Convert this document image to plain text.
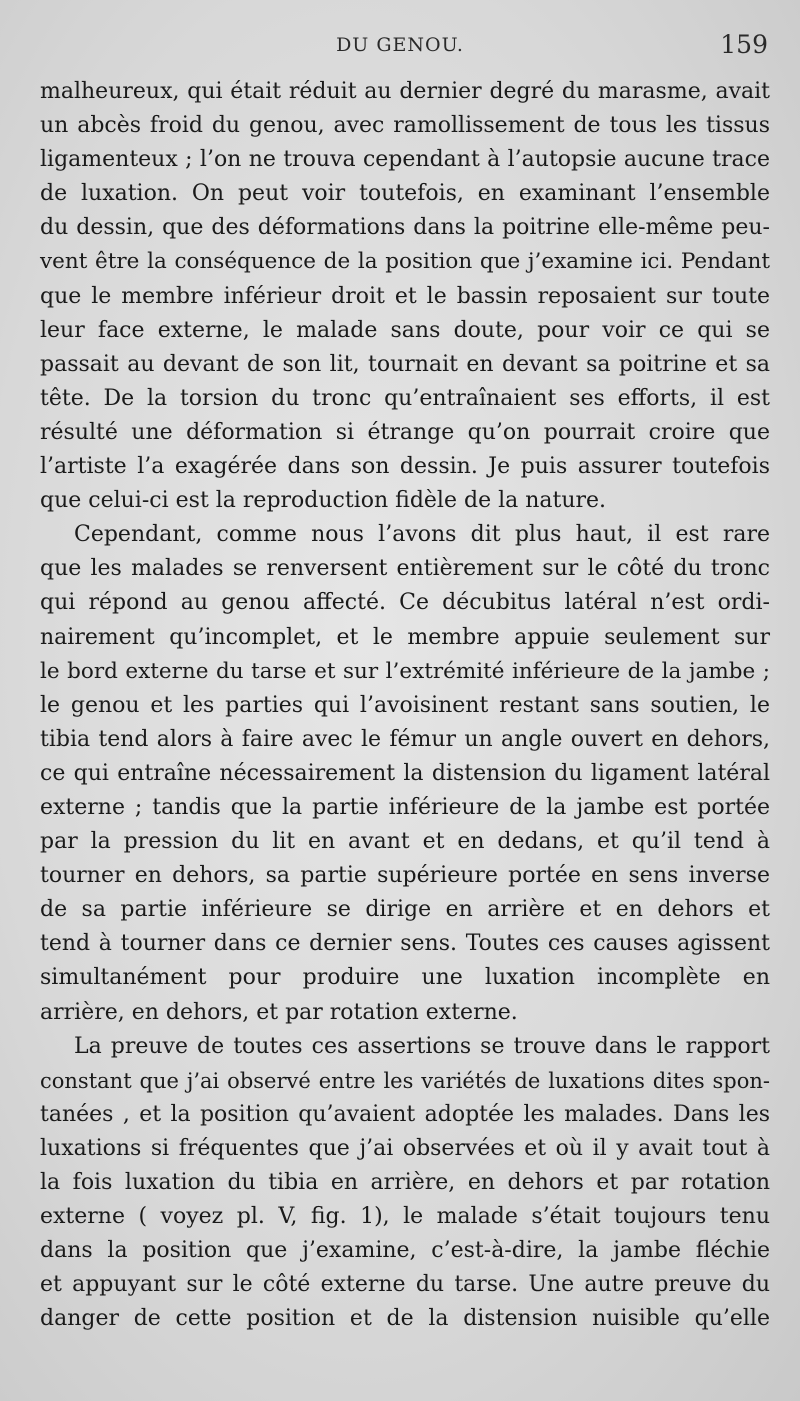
DU GENOU.	159
malheureux, qui était réduit au dernier degré du marasme, avait
un abcès froid du genou, avec ramollissement de tous les tissus
ligamenteux ; l’on ne trouva cependant à l’autopsie aucune trace
de luxation. On peut voir toutefois, en examinant l’ensemble
du dessin, que des déformations dans la poitrine elle-même peu-
vent être la conséquence de la position que j’examine ici. Pendant
que le membre inférieur droit et le bassin reposaient sur toute
leur face externe, le malade sans doute, pour voir ce qui se
passait au devant de son lit, tournait en devant sa poitrine et sa
tête. De la torsion du tronc qu’entraînaient ses efforts, il est
résulté une déformation si étrange qu’on pourrait croire que
l’artiste l’a exagérée dans son dessin. Je puis assurer toutefois
que celui-ci est la reproduction fidèle de la nature.
Cependant, comme nous l’avons dit plus haut, il est rare
que les malades se renversent entièrement sur le côté du tronc
qui répond au genou affecté. Ce décubitus latéral n’est ordi-
nairement qu’incomplet, et le membre appuie seulement sur
le bord externe du tarse et sur l’extrémité inférieure de la jambe ;
le genou et les parties qui l’avoisinent restant sans soutien, le
tibia tend alors à faire avec le fémur un angle ouvert en dehors,
ce qui entraîne nécessairement la distension du ligament latéral
externe ; tandis que la partie inférieure de la jambe est portée
par la pression du lit en avant et en dedans, et qu’il tend à
tourner en dehors, sa partie supérieure portée en sens inverse
de sa partie inférieure se dirige en arrière et en dehors et
tend à tourner dans ce dernier sens. Toutes ces causes agissent
simultanément pour produire une luxation incomplète en
arrière, en dehors, et par rotation externe.
La preuve de toutes ces assertions se trouve dans le rapport
constant que j’ai observé entre les variétés de luxations dites spon-
tanées , et la position qu’avaient adoptée les malades. Dans les
luxations si fréquentes que j’ai observées et où il y avait tout à
la fois luxation du tibia en arrière, en dehors et par rotation
externe ( voyez pl. V, fig. 1), le malade s’était toujours tenu
dans la position que j’examine, c’est-à-dire, la jambe fléchie
et appuyant sur le côté externe du tarse. Une autre preuve du
danger de cette position et de la distension nuisible qu’elle
